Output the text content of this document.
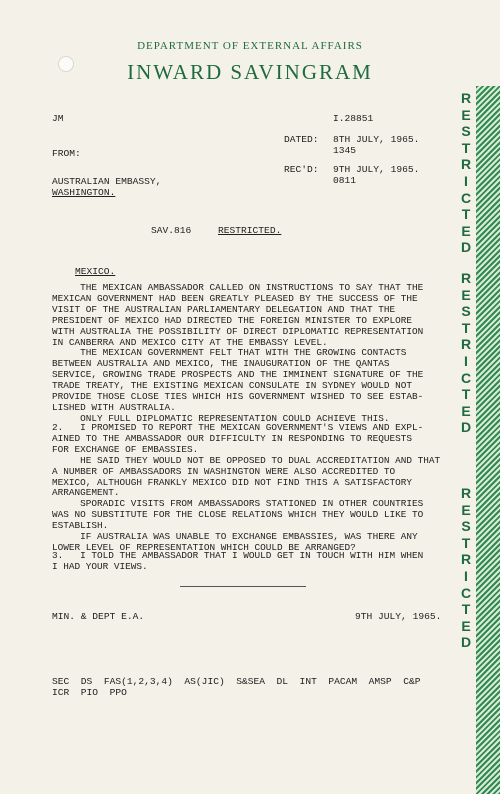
DEPARTMENT OF EXTERNAL AFFAIRS
INWARD SAVINGRAM
R
E
S
T
R
I
C
T
E
D
R
E
S
T
R
I
C
T
E
D
R
E
S
T
R
I
C
T
E
D
JM	I.28851
DATED: 8TH JULY, 1965.
1345
FROM:
REC'D: 9TH JULY, 1965.
0811
AUSTRALIAN EMBASSY,
WASHINGTON.
SAV.816	RESTRICTED.
MEXICO.

THE MEXICAN AMBASSADOR CALLED ON INSTRUCTIONS TO SAY THAT THE

MEXICAN GOVERNMENT HAD BEEN GREATLY PLEASED BY THE SUCCESS OF THE

VISIT OF THE AUSTRALIAN PARLIAMENTARY DELEGATION AND THAT THE

PRESIDENT OF MEXICO HAD DIRECTED THE FOREIGN MINISTER TO EXPLORE

WITH AUSTRALIA THE POSSIBILITY OF DIRECT DIPLOMATIC REPRESENTATION

IN CANBERRA AND MEXICO CITY AT THE EMBASSY LEVEL.

THE MEXICAN GOVERNMENT FELT THAT WITH THE GROWING CONTACTS

BETWEEN AUSTRALIA AND MEXICO, THE INAUGURATION OF THE QANTAS

SERVICE, GROWING TRADE PROSPECTS AND THE IMMINENT SIGNATURE OF THE

TRADE TREATY, THE EXISTING MEXICAN CONSULATE IN SYDNEY WOULD NOT

PROVIDE THOSE CLOSE TIES WHICH HIS GOVERNMENT WISHED TO SEE ESTAB-

LISHED WITH AUSTRALIA.

ONLY FULL DIPLOMATIC REPRESENTATION COULD ACHIEVE THIS.

2.   I PROMISED TO REPORT THE MEXICAN GOVERNMENT'S VIEWS AND EXPL-

AINED TO THE AMBASSADOR OUR DIFFICULTY IN RESPONDING TO REQUESTS

FOR EXCHANGE OF EMBASSIES.

HE SAID THEY WOULD NOT BE OPPOSED TO DUAL ACCREDITATION AND THAT

A NUMBER OF AMBASSADORS IN WASHINGTON WERE ALSO ACCREDITED TO

MEXICO, ALTHOUGH FRANKLY MEXICO DID NOT FIND THIS A SATISFACTORY

ARRANGEMENT.

SPORADIC VISITS FROM AMBASSADORS STATIONED IN OTHER COUNTRIES

WAS NO SUBSTITUTE FOR THE CLOSE RELATIONS WHICH THEY WOULD LIKE TO

ESTABLISH.

IF AUSTRALIA WAS UNABLE TO EXCHANGE EMBASSIES, WAS THERE ANY

LOWER LEVEL OF REPRESENTATION WHICH COULD BE ARRANGED?

3.   I TOLD THE AMBASSADOR THAT I WOULD GET IN TOUCH WITH HIM WHEN

I HAD YOUR VIEWS.

MIN. & DEPT E.A.	9TH JULY, 1965.
SEC  DS  FAS(1,2,3,4)  AS(JIC)  S&SEA  DL  INT  PACAM  AMSP  C&P
ICR  PIO  PPO
